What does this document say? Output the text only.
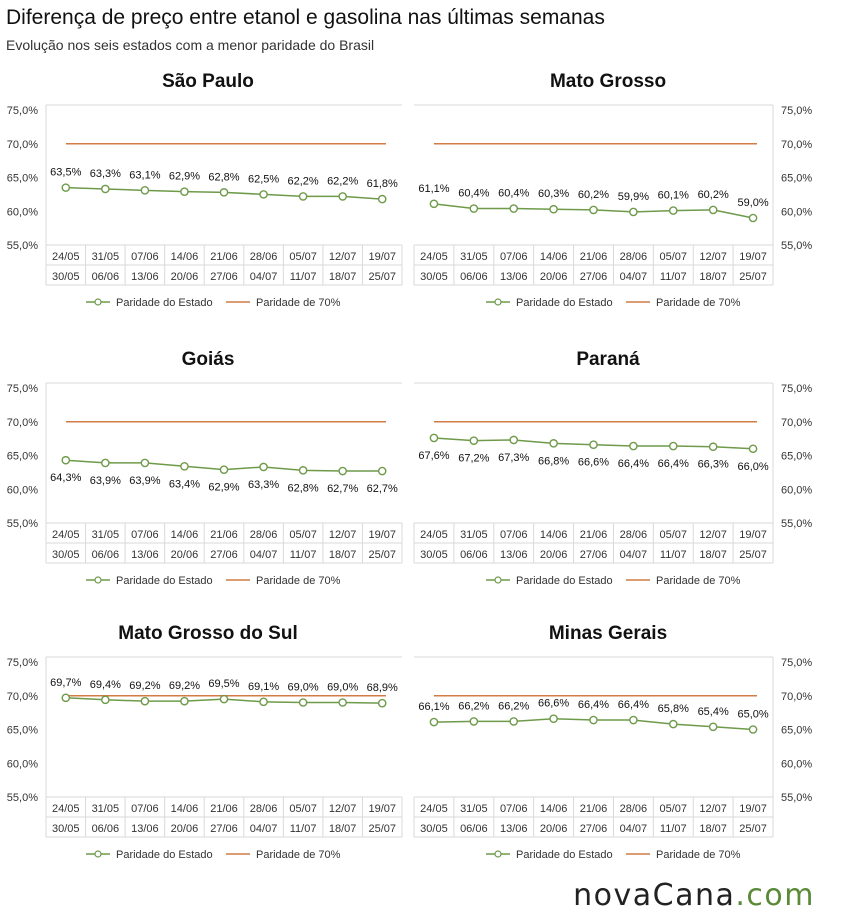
Diferença de preço entre etanol e gasolina nas últimas semanas
Evolução nos seis estados com a menor paridade do Brasil
São Paulo
55,0%
60,0%
65,0%
70,0%
75,0%
24/05
30/05
31/05
06/06
07/06
13/06
14/06
20/06
21/06
27/06
28/06
04/07
05/07
11/07
12/07
18/07
19/07
25/07
63,5% 63,3% 63,1% 62,9% 62,8% 62,5% 62,2% 62,2% 61,8%
Paridade do Estado	Paridade de 70%
Mato Grosso
55,0%
60,0%
65,0%
70,0%
75,0%
24/05
30/05
31/05
06/06
07/06
13/06
14/06
20/06
21/06
27/06
28/06
04/07
05/07
11/07
12/07
18/07
19/07
25/07
61,1% 60,4% 60,4% 60,3% 60,2% 59,9% 60,1% 60,2%
59,0%
Paridade do Estado	Paridade de 70%
Goiás
55,0%
60,0%
65,0%
70,0%
75,0%
24/05
30/05
31/05
06/06
07/06
13/06
14/06
20/06
21/06
27/06
28/06
04/07
05/07
11/07
12/07
18/07
19/07
25/07
64,3% 63,9% 63,9% 63,4% 62,9% 63,3% 62,8% 62,7% 62,7%
Paridade do Estado	Paridade de 70%
Paraná
55,0%
60,0%
65,0%
70,0%
75,0%
24/05
30/05
31/05
06/06
07/06
13/06
14/06
20/06
21/06
27/06
28/06
04/07
05/07
11/07
12/07
18/07
19/07
25/07
67,6% 67,2% 67,3% 66,8% 66,6% 66,4% 66,4% 66,3% 66,0%
Paridade do Estado	Paridade de 70%
Mato Grosso do Sul
55,0%
60,0%
65,0%
70,0%
75,0%
24/05
30/05
31/05
06/06
07/06
13/06
14/06
20/06
21/06
27/06
28/06
04/07
05/07
11/07
12/07
18/07
19/07
25/07
69,7% 69,4% 69,2% 69,2% 69,5% 69,1% 69,0% 69,0% 68,9%
Paridade do Estado	Paridade de 70%
Minas Gerais
55,0%
60,0%
65,0%
70,0%
75,0%
24/05
30/05
31/05
06/06
07/06
13/06
14/06
20/06
21/06
27/06
28/06
04/07
05/07
11/07
12/07
18/07
19/07
25/07
66,1% 66,2% 66,2% 66,6% 66,4% 66,4% 65,8% 65,4% 65,0%
Paridade do Estado	Paridade de 70%
novaCana.com
